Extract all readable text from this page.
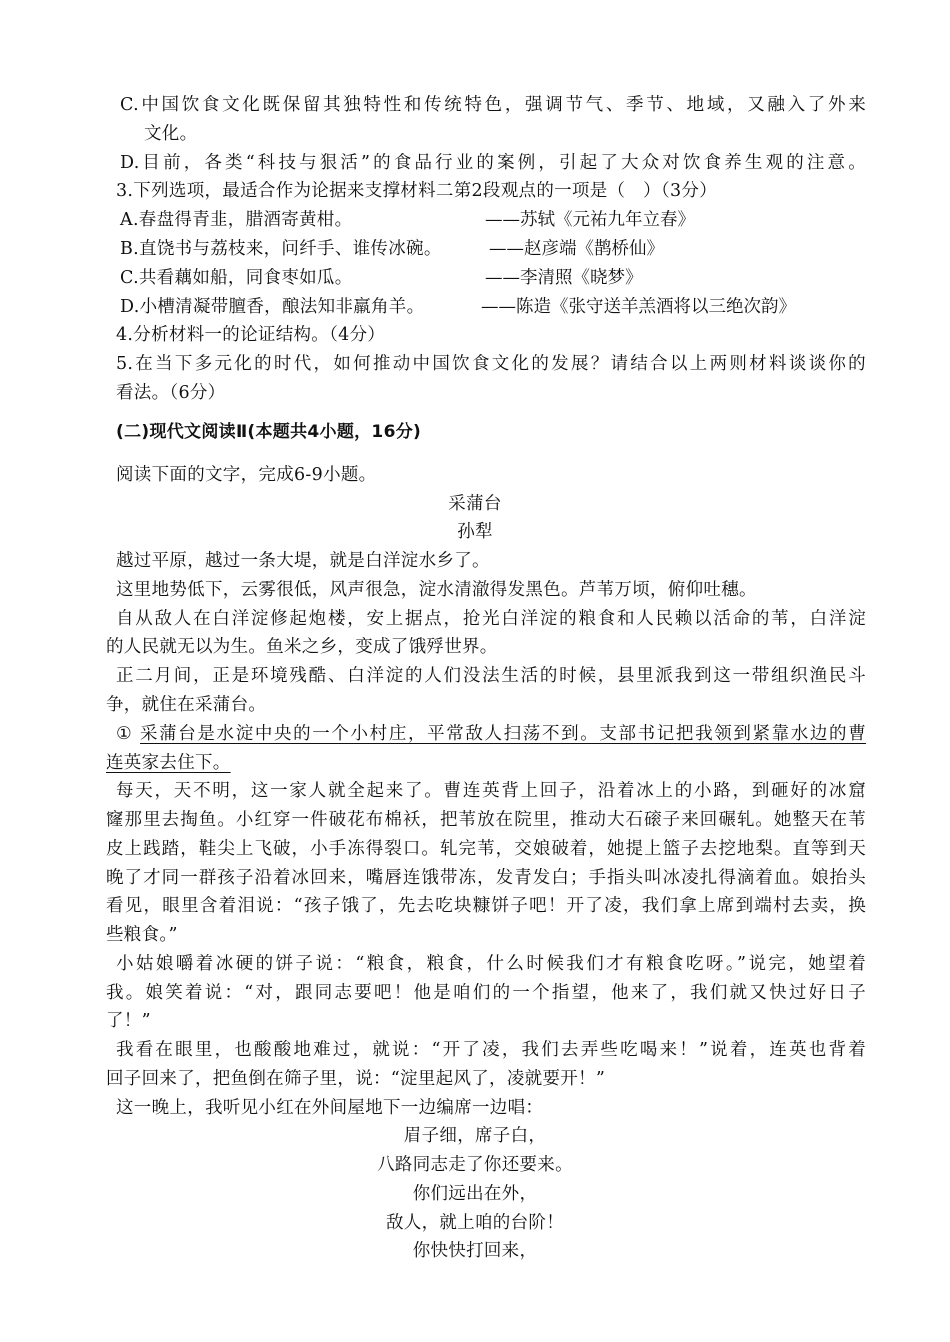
C.中国饮食文化既保留其独特性和传统特色，强调节气、季节、地域，又融入了外来
文化。
D.目前，各类“科技与狠活”的食品行业的案例，引起了大众对饮食养生观的注意。
3.下列选项，最适合作为论据来支撑材料二第2段观点的一项是（　）（3分）
A.春盘得青韭，腊酒寄黄柑。	——苏轼《元祐九年立春》
B.直饶书与荔枝来，问纤手、谁传冰碗。	——赵彦端《鹊桥仙》
C.共看藕如船，同食枣如瓜。	——李清照《晓梦》
D.小槽清凝带膻香，酿法知非羸角羊。	——陈造《张守送羊羔酒将以三绝次韵》
4.分析材料一的论证结构。（4分）
5.在当下多元化的时代，如何推动中国饮食文化的发展？请结合以上两则材料谈谈你的
看法。（6分）
(二)现代文阅读Ⅱ(本题共4小题，16分)
阅读下面的文字，完成6-9小题。
采蒲台
孙犁
越过平原，越过一条大堤，就是白洋淀水乡了。
这里地势低下，云雾很低，风声很急，淀水清澈得发黑色。芦苇万顷，俯仰吐穗。
自从敌人在白洋淀修起炮楼，安上据点，抢光白洋淀的粮食和人民赖以活命的苇，白洋淀
的人民就无以为生。鱼米之乡，变成了饿殍世界。
正二月间，正是环境残酷、白洋淀的人们没法生活的时候，县里派我到这一带组织渔民斗
争，就住在采蒲台。
① 采蒲台是水淀中央的一个小村庄，平常敌人扫荡不到。支部书记把我领到紧靠水边的曹
连英家去住下。
每天，天不明，这一家人就全起来了。曹连英背上回子，沿着冰上的小路，到砸好的冰窟
窿那里去掏鱼。小红穿一件破花布棉袄，把苇放在院里，推动大石磙子来回碾轧。她整天在苇
皮上践踏，鞋尖上飞破，小手冻得裂口。轧完苇，交娘破着，她提上篮子去挖地梨。直等到天
晚了才同一群孩子沿着冰回来，嘴唇连饿带冻，发青发白；手指头叫冰凌扎得滴着血。娘抬头
看见，眼里含着泪说：“孩子饿了，先去吃块糠饼子吧！开了凌，我们拿上席到端村去卖，换
些粮食。”
小姑娘嚼着冰硬的饼子说：“粮食，粮食，什么时候我们才有粮食吃呀。”说完，她望着
我。娘笑着说：“对，跟同志要吧！他是咱们的一个指望，他来了，我们就又快过好日子
了！”
我看在眼里，也酸酸地难过，就说：“开了凌，我们去弄些吃喝来！”说着，连英也背着
回子回来了，把鱼倒在筛子里，说：“淀里起风了，凌就要开！”
这一晚上，我听见小红在外间屋地下一边编席一边唱：
眉子细，席子白，
八路同志走了你还要来。
你们远出在外，
敌人，就上咱的台阶！
你快快打回来，
